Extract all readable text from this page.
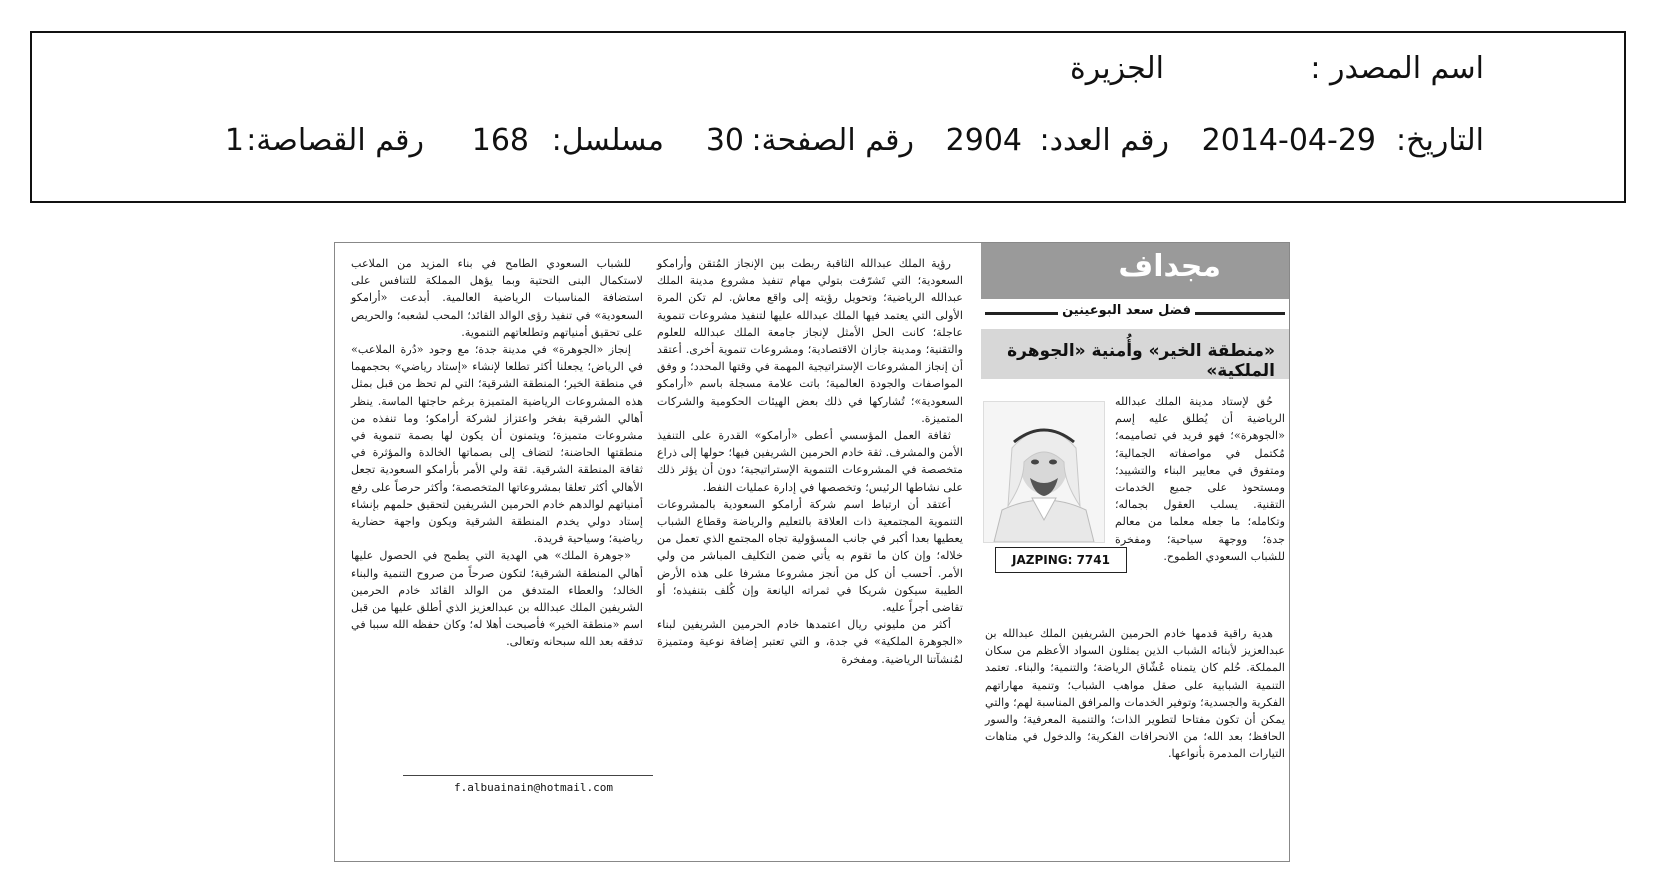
اسم المصدر :
الجزيرة
التاريخ:
2014-04-29
رقم العدد:
2904
رقم الصفحة:
30
مسلسل:
168
رقم القصاصة:
1
مجداف
فضل سعد البوعينين
«منطقة الخير» وأُمنية «الجوهرة الملكية»
JAZPING: 7741

حُق لإستاد مدينة الملك عبدالله الرياضية أن يُطلق عليه إسم «الجوهرة»؛ فهو فريد في تصاميمه؛ مُكتمل في مواصفاته الجمالية؛ ومتفوق في معايير البناء والتشييد؛ ومستحوذ على جميع الخدمات التقنية. يسلب العقول بجماله؛ وتكامله؛ ما جعله معلما من معالم جدة؛ ووجهة سياحية؛ ومفخرة للشباب السعودي الطموح.

هدية راقية قدمها خادم الحرمين الشريفين الملك عبدالله بن عبدالعزيز لأبنائه الشباب الذين يمثلون السواد الأعظم من سكان المملكة. حُلم كان يتمناه عُشّاق الرياضة؛ والتنمية؛ والبناء. تعتمد التنمية الشبابية على صقل مواهب الشباب؛ وتنمية مهاراتهم الفكرية والجسدية؛ وتوفير الخدمات والمرافق المناسبة لهم؛ والتي يمكن أن تكون مفتاحا لتطوير الذات؛ والتنمية المعرفية؛ والسور الحافظ؛ بعد الله؛ من الانحرافات الفكرية؛ والدخول في متاهات التيارات المدمرة بأنواعها.

رؤية الملك عبدالله الثاقبة ربطت بين الإنجاز المُتقن وأرامكو السعودية؛ التي تَشرّفت بتولي مهام تنفيذ مشروع مدينة الملك عبدالله الرياضية؛ وتحويل رؤيته إلى واقع معاش. لم تكن المرة الأولى التي يعتمد فيها الملك عبدالله عليها لتنفيذ مشروعات تنموية عاجلة؛ كانت الحل الأمثل لإنجاز جامعة الملك عبدالله للعلوم والتقنية؛ ومدينة جازان الاقتصادية؛ ومشروعات تنموية أخرى. أعتقد أن إنجاز المشروعات الإستراتيجية المهمة في وقتها المحدد؛ و وفق المواصفات والجودة العالمية؛ باتت علامة مسجلة باسم «أرامكو السعودية»؛ تُشاركها في ذلك بعض الهيئات الحكومية والشركات المتميزة.

ثقافة العمل المؤسسي أعطى «أرامكو» القدرة على التنفيذ الأمن والمشرف. ثقة خادم الحرمين الشريفين فيها؛ حولها إلى ذراع متخصصة في المشروعات التنموية الإستراتيجية؛ دون أن يؤثر ذلك على نشاطها الرئيس؛ وتخصصها في إدارة عمليات النفط.

أعتقد أن ارتباط اسم شركة أرامكو السعودية بالمشروعات التنموية المجتمعية ذات العلاقة بالتعليم والرياضة وقطاع الشباب يعطيها بعدا أكبر في جانب المسؤولية تجاه المجتمع الذي تعمل من خلاله؛ وإن كان ما تقوم به يأتي ضمن التكليف المباشر من ولي الأمر. أحسب أن كل من أنجز مشروعا مشرفا على هذه الأرض الطيبة سيكون شريكا في ثمراته اليانعة وإن كُلف بتنفيذه؛ أو تقاضى أجراً عليه.

أكثر من مليوني ريال اعتمدها خادم الحرمين الشريفين لبناء «الجوهرة الملكية» في جدة، و التي تعتبر إضافة نوعية ومتميزة لمُنشآتنا الرياضية. ومفخرة

للشباب السعودي الطامح في بناء المزيد من الملاعب لاستكمال البنى التحتية وبما يؤهل المملكة للتنافس على استضافة المناسبات الرياضية العالمية. أبدعت «أرامكو السعودية» في تنفيذ رؤى الوالد القائد؛ المحب لشعبه؛ والحريص على تحقيق أمنياتهم وتطلعاتهم التنموية.

إنجاز «الجوهرة» في مدينة جدة؛ مع وجود «دُرة الملاعب» في الرياض؛ يجعلنا أكثر تطلعا لإنشاء «إستاد رياضي» بحجمهما في منطقة الخير؛ المنطقة الشرقية؛ التي لم تحظ من قبل بمثل هذه المشروعات الرياضية المتميزة برغم حاجتها الماسة. ينظر أهالي الشرقية بفخر واعتزاز لشركة أرامكو؛ وما تنفذه من مشروعات متميزة؛ ويتمنون أن يكون لها بصمة تنموية في منطقتها الحاضنة؛ لتضاف إلى بصماتها الخالدة والمؤثرة في ثقافة المنطقة الشرقية. ثقة ولي الأمر بأرامكو السعودية تجعل الأهالي أكثر تعلقا بمشروعاتها المتخصصة؛ وأكثر حرصاً على رفع أمنياتهم لوالدهم خادم الحرمين الشريفين لتحقيق حلمهم بإنشاء إستاد دولي يخدم المنطقة الشرقية ويكون واجهة حضارية رياضية؛ وسياحية فريدة.

«جوهرة الملك» هي الهدية التي يطمح في الحصول عليها أهالي المنطقة الشرقية؛ لتكون صرحاً من صروح التنمية والبناء الخالد؛ والعطاء المتدفق من الوالد القائد خادم الحرمين الشريفين الملك عبدالله بن عبدالعزيز الذي أطلق عليها من قبل اسم «منطقة الخير» فأصبحت أهلا له؛ وكان حفظه الله سببا في تدفقه بعد الله سبحانه وتعالى.

f.albuainain@hotmail.com
